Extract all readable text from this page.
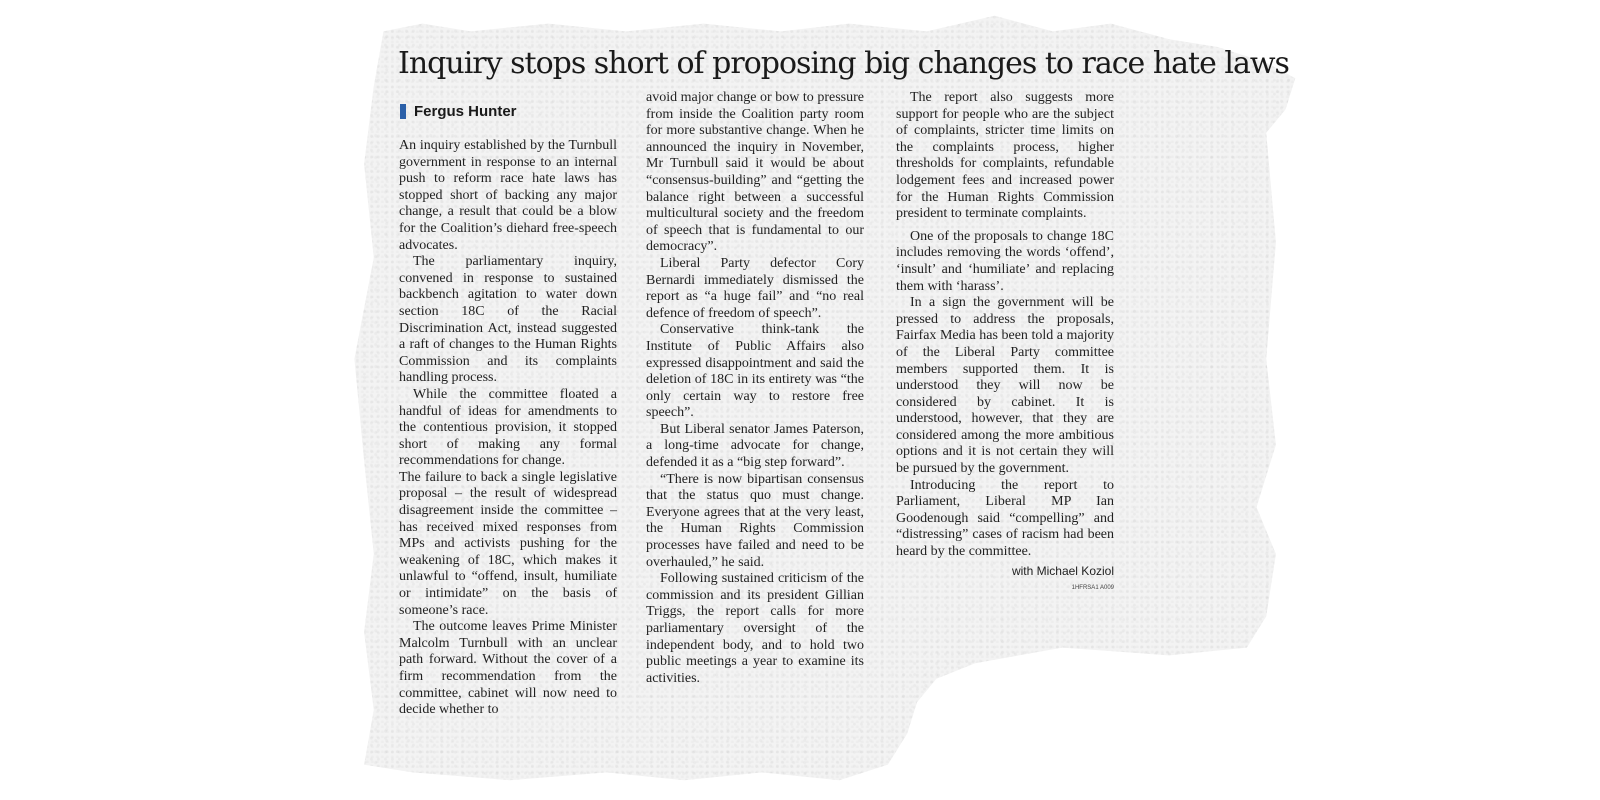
Inquiry stops short of proposing big changes to race hate laws
Fergus Hunter

An inquiry established by the Turnbull government in response to an internal push to reform race hate laws has stopped short of backing any major change, a result that could be a blow for the Coalition’s diehard free-speech advocates.

The parliamentary inquiry, convened in response to sustained backbench agitation to water down section 18C of the Racial Discrimination Act, instead suggested a raft of changes to the Human Rights Commission and its complaints handling process.

While the committee floated a handful of ideas for amendments to the contentious provision, it stopped short of making any formal recommendations for change.

The failure to back a single legislative proposal – the result of widespread disagreement inside the committee – has received mixed responses from MPs and activists pushing for the weakening of 18C, which makes it unlawful to “offend, insult, humiliate or intimidate” on the basis of someone’s race.

The outcome leaves Prime Minister Malcolm Turnbull with an unclear path forward. Without the cover of a firm recommendation from the committee, cabinet will now need to decide whether to

avoid major change or bow to pressure from inside the Coalition party room for more substantive change. When he announced the inquiry in November, Mr Turnbull said it would be about “consensus-building” and “getting the balance right between a successful multicultural society and the freedom of speech that is fundamental to our democracy”.

Liberal Party defector Cory Bernardi immediately dismissed the report as “a huge fail” and “no real defence of freedom of speech”.

Conservative think-tank the Institute of Public Affairs also expressed disappointment and said the deletion of 18C in its entirety was “the only certain way to restore free speech”.

But Liberal senator James Paterson, a long-time advocate for change, defended it as a “big step forward”.

“There is now bipartisan consensus that the status quo must change. Everyone agrees that at the very least, the Human Rights Commission processes have failed and need to be overhauled,” he said.

Following sustained criticism of the commission and its president Gillian Triggs, the report calls for more parliamentary oversight of the independent body, and to hold two public meetings a year to examine its activities.

The report also suggests more support for people who are the subject of complaints, stricter time limits on the complaints process, higher thresholds for complaints, refundable lodgement fees and increased power for the Human Rights Commission president to terminate complaints.

One of the proposals to change 18C includes removing the words ‘offend’, ‘insult’ and ‘humiliate’ and replacing them with ‘harass’.

In a sign the government will be pressed to address the proposals, Fairfax Media has been told a majority of the Liberal Party committee members supported them. It is understood they will now be considered by cabinet. It is understood, however, that they are considered among the more ambitious options and it is not certain they will be pursued by the government.

Introducing the report to Parliament, Liberal MP Ian Goodenough said “compelling” and “distressing” cases of racism had been heard by the committee.

with Michael Koziol
1HFRSA1 A009
